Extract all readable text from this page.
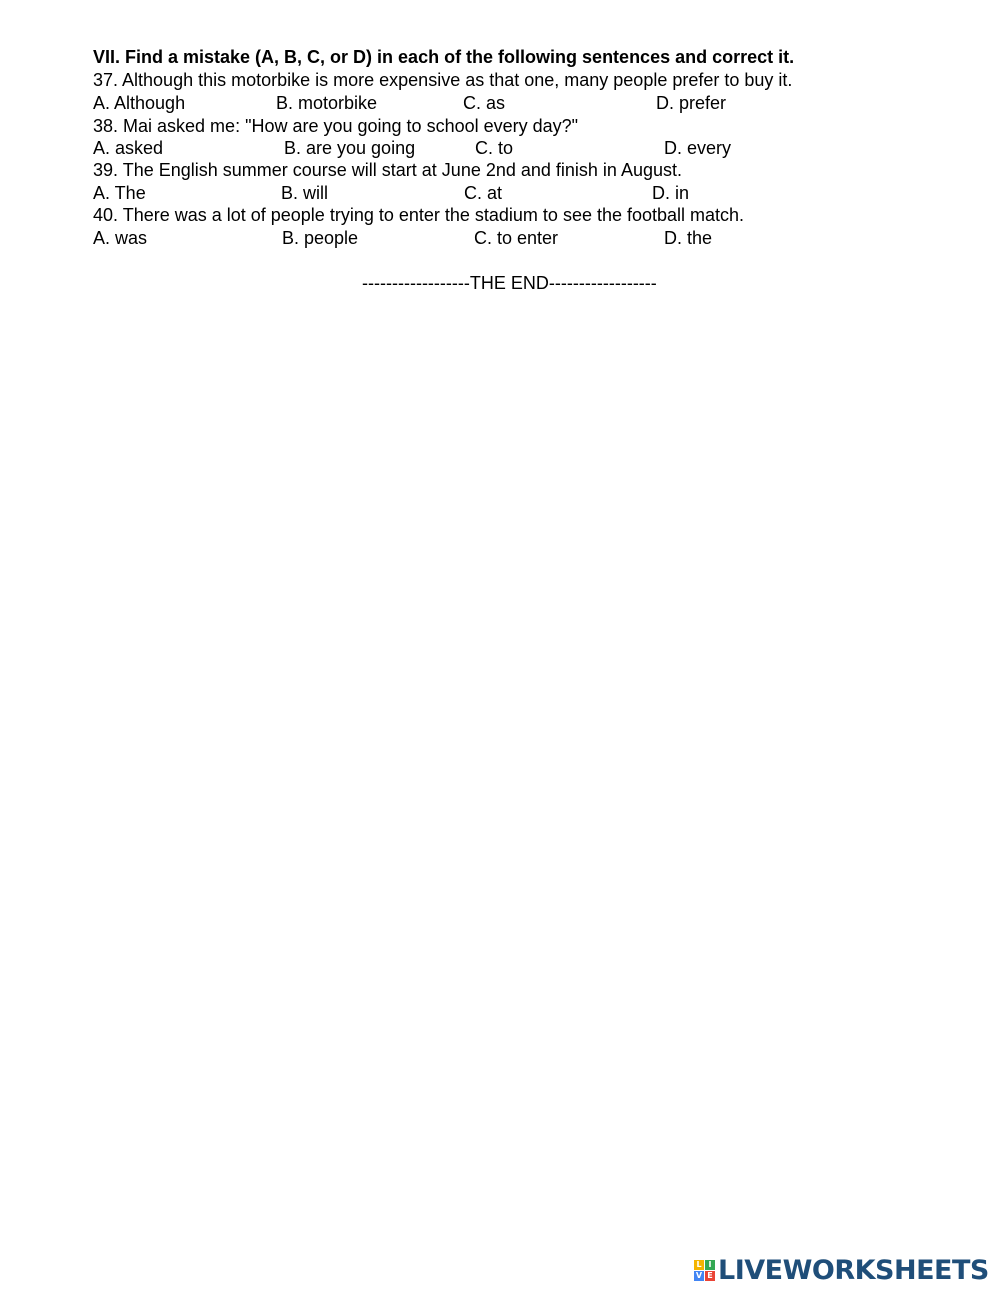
VII. Find a mistake (A, B, C, or D) in each of the following sentences and correct it.
37. Although this motorbike is more expensive as that one, many people prefer to buy it.
A. Although	B. motorbike	C. as	D. prefer
38. Mai asked me: "How are you going to school every day?"
A. asked	B. are you going	C. to	D. every
39. The English summer course will start at June 2nd and finish in August.
A. The	B. will	C. at	D. in
40. There was a lot of people trying to enter the stadium to see the football match.
A. was	B. people	C. to enter	D. the
------------------THE END------------------
L I
V E LIVEWORKSHEETS
